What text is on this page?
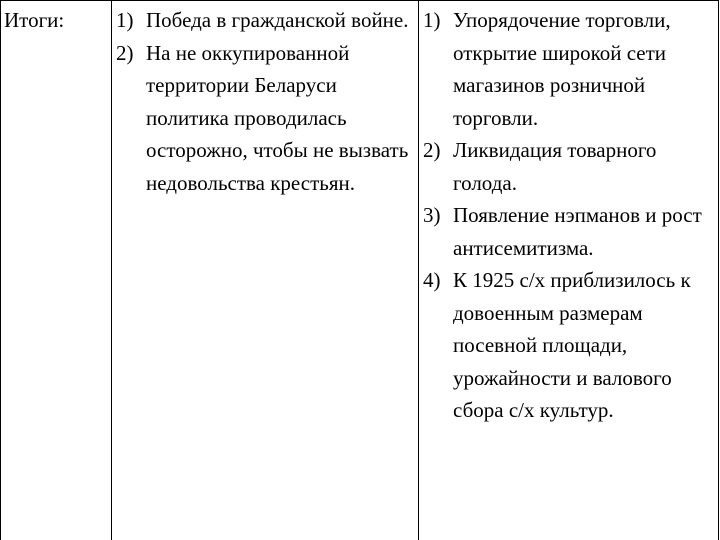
Итоги:	1) Победа в гражданской войне.
2) На не оккупированной территории Беларуси политика проводилась осторожно, чтобы не вызвать недовольства крестьян.
1) Упорядочение торговли, открытие широкой сети магазинов розничной торговли.
2) Ликвидация товарного голода.
3) Появление нэпманов и рост антисемитизма.
4) К 1925 с/х приблизилось к довоенным размерам посевной площади, урожайности и валового сбора с/х культур.
